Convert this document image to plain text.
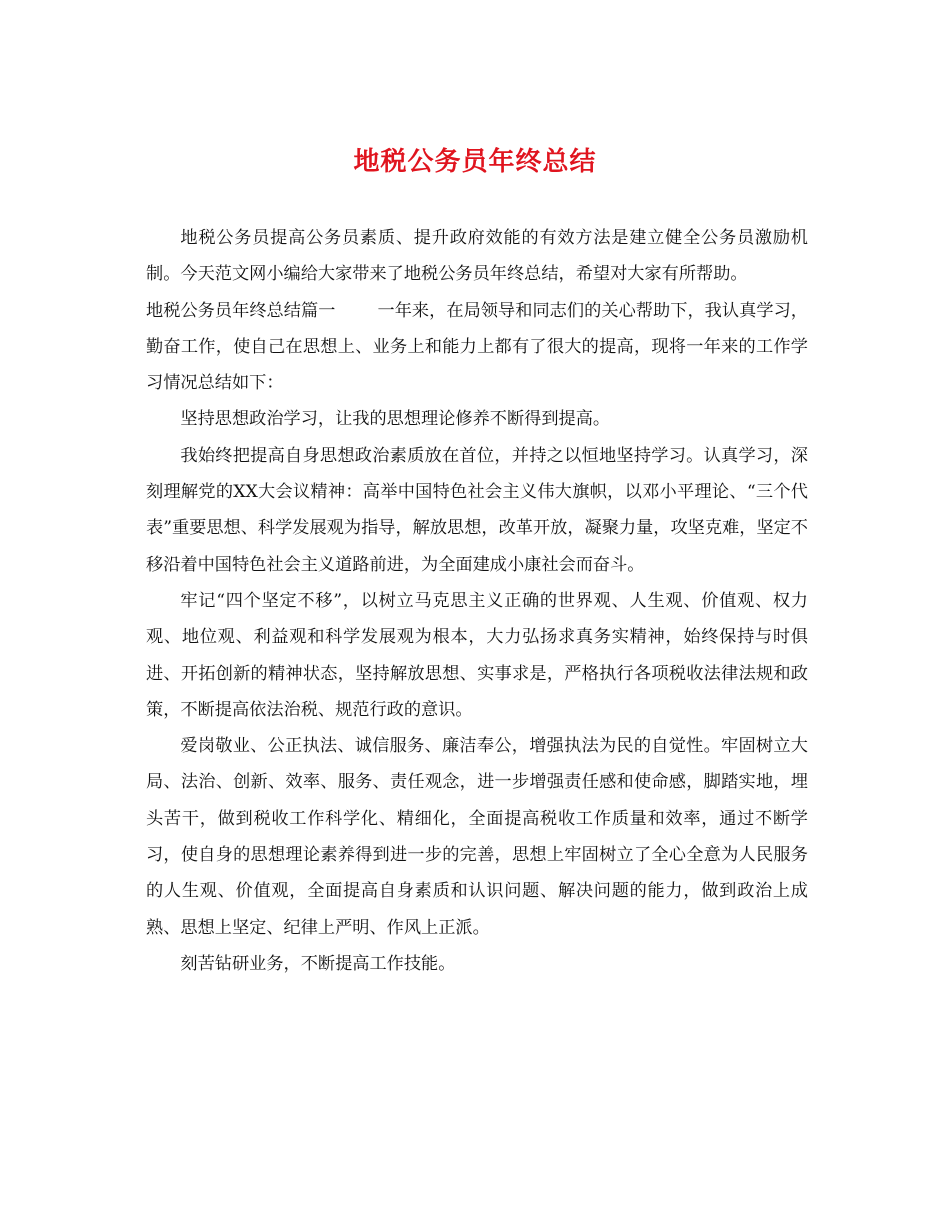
地税公务员年终总结

地税公务员提高公务员素质、提升政府效能的有效方法是建立健全公务员激励机制。今天范文网小编给大家带来了地税公务员年终总结，希望对大家有所帮助。

地税公务员年终总结篇一 一年来，在局领导和同志们的关心帮助下，我认真学习，勤奋工作，使自己在思想上、业务上和能力上都有了很大的提高，现将一年来的工作学习情况总结如下：

坚持思想政治学习，让我的思想理论修养不断得到提高。

我始终把提高自身思想政治素质放在首位，并持之以恒地坚持学习。认真学习，深刻理解党的XX大会议精神：高举中国特色社会主义伟大旗帜，以邓小平理论、“三个代表”重要思想、科学发展观为指导，解放思想，改革开放，凝聚力量，攻坚克难，坚定不移沿着中国特色社会主义道路前进，为全面建成小康社会而奋斗。

牢记“四个坚定不移”，以树立马克思主义正确的世界观、人生观、价值观、权力观、地位观、利益观和科学发展观为根本，大力弘扬求真务实精神，始终保持与时俱进、开拓创新的精神状态，坚持解放思想、实事求是，严格执行各项税收法律法规和政策，不断提高依法治税、规范行政的意识。

爱岗敬业、公正执法、诚信服务、廉洁奉公，增强执法为民的自觉性。牢固树立大局、法治、创新、效率、服务、责任观念，进一步增强责任感和使命感，脚踏实地，埋头苦干，做到税收工作科学化、精细化，全面提高税收工作质量和效率，通过不断学习，使自身的思想理论素养得到进一步的完善，思想上牢固树立了全心全意为人民服务的人生观、价值观，全面提高自身素质和认识问题、解决问题的能力，做到政治上成熟、思想上坚定、纪律上严明、作风上正派。

刻苦钻研业务，不断提高工作技能。
